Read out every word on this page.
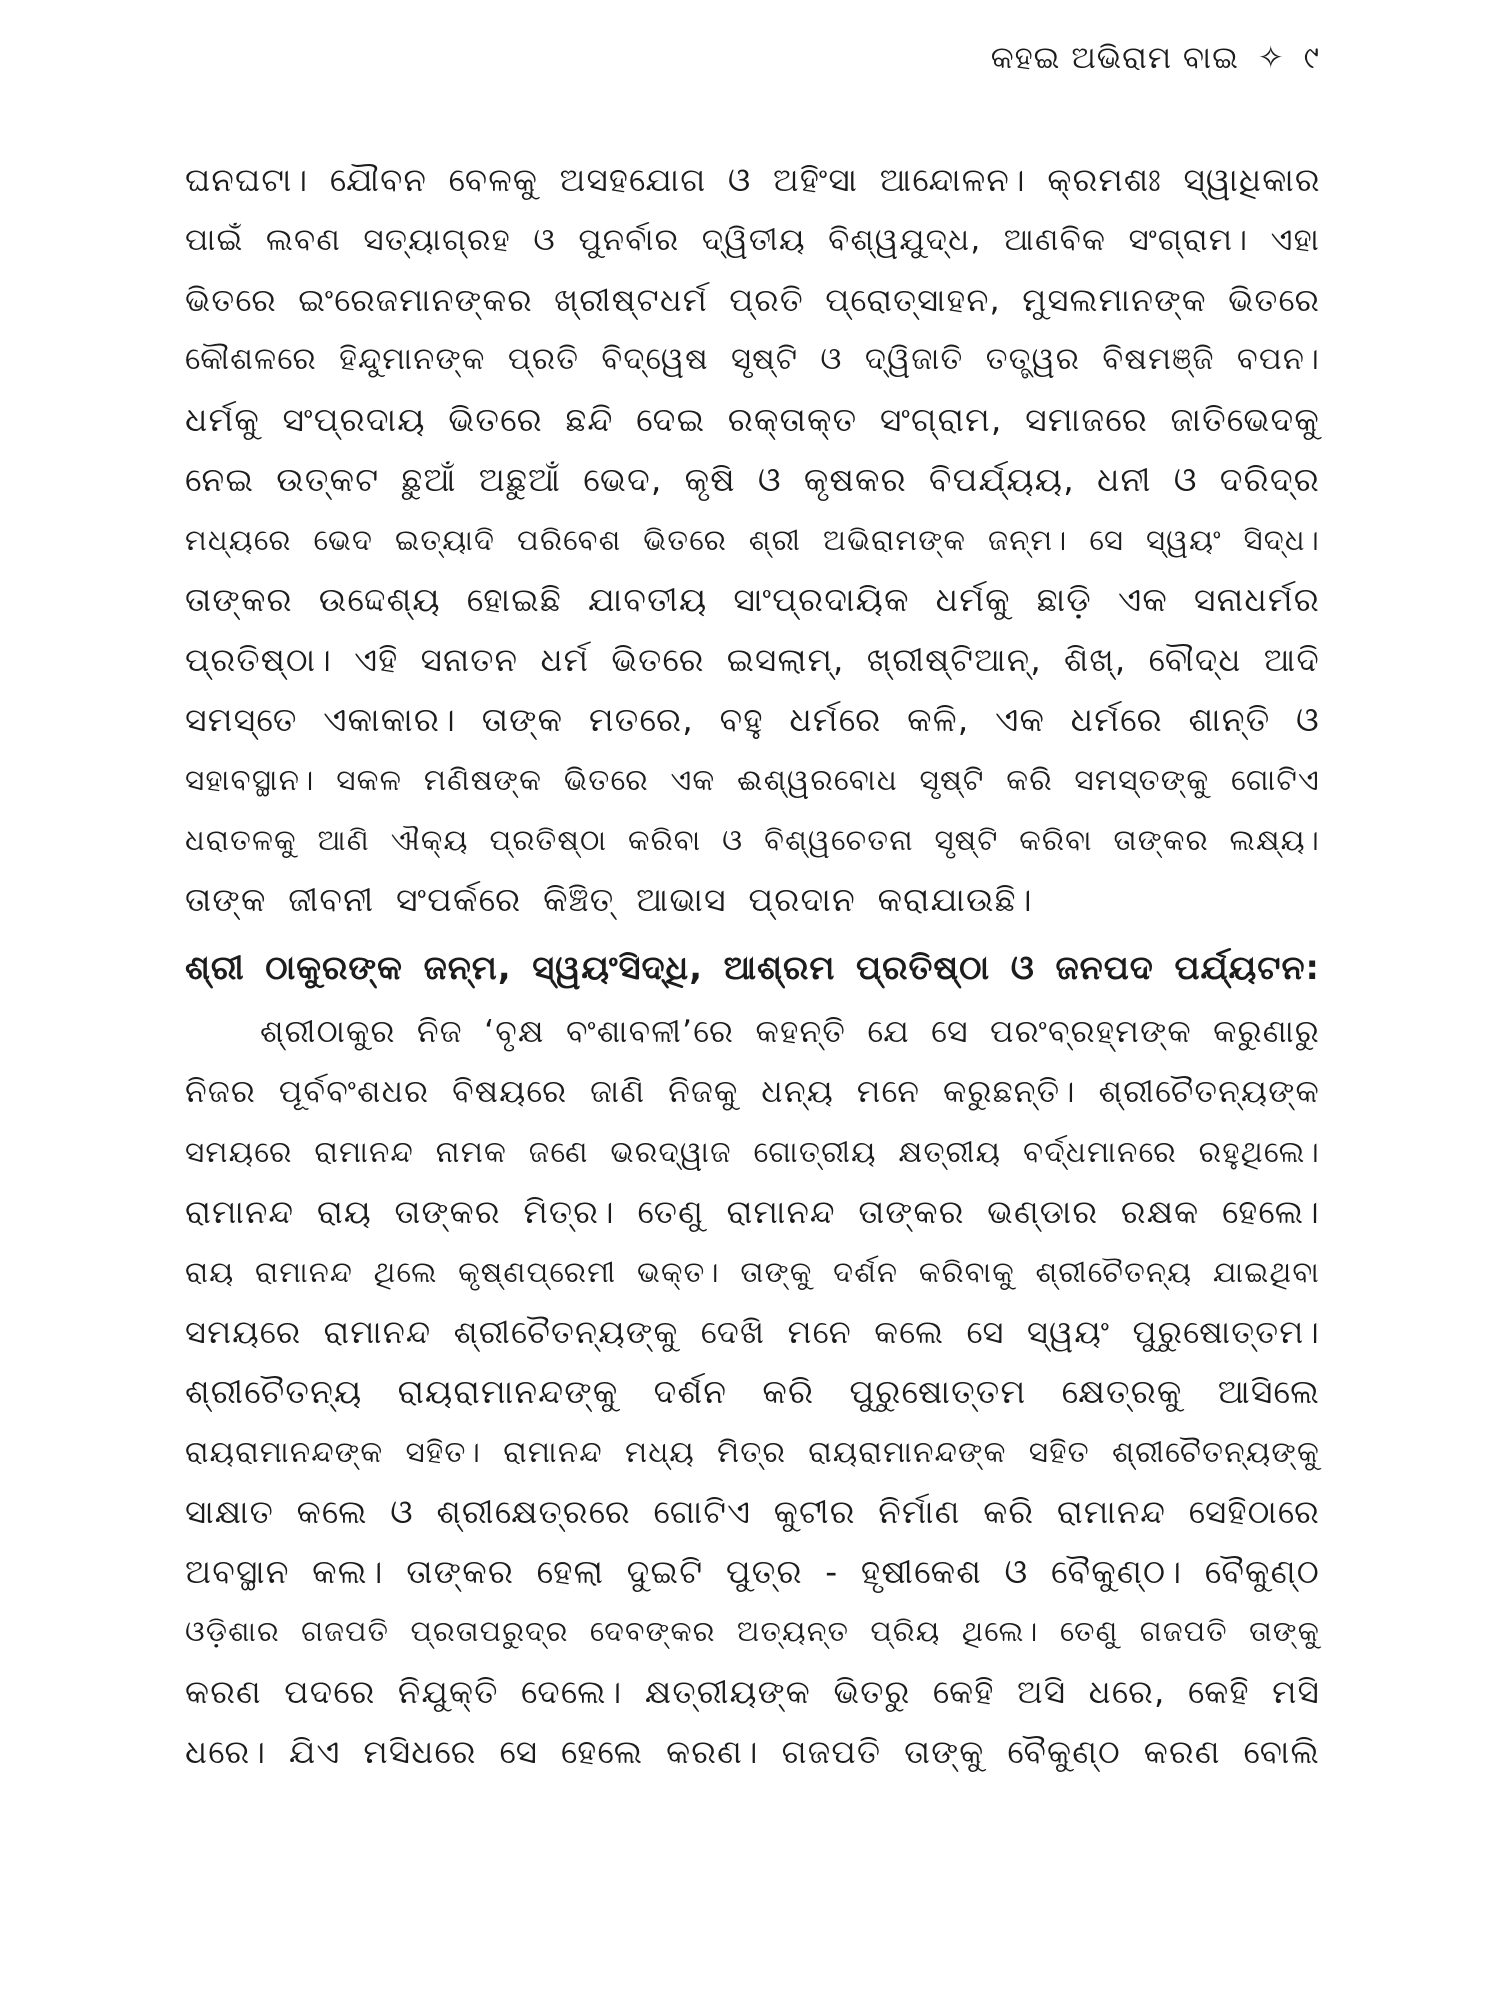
କହଇ ଅଭିରାମ ବାଇ ✧ ୯
ଘନଘଟା। ଯୌବନ ବେଳକୁ ଅସହଯୋଗ ଓ ଅହିଂସା ଆନ୍ଦୋଳନ। କ୍ରମଶଃ ସ୍ୱାଧିକାର
ପାଇଁ ଲବଣ ସତ୍ୟାଗ୍ରହ ଓ ପୁନର୍ବାର ଦ୍ୱିତୀୟ ବିଶ୍ୱଯୁଦ୍ଧ, ଆଣବିକ ସଂଗ୍ରାମ। ଏହା
ଭିତରେ ଇଂରେଜମାନଙ୍କର ଖ୍ରୀଷ୍ଟଧର୍ମ ପ୍ରତି ପ୍ରୋତ୍ସାହନ, ମୁସଲମାନଙ୍କ ଭିତରେ
କୌଶଳରେ ହିନ୍ଦୁମାନଙ୍କ ପ୍ରତି ବିଦ୍ୱେଷ ସୃଷ୍ଟି ଓ ଦ୍ୱିଜାତି ତତ୍ତ୍ୱର ବିଷମଞ୍ଜି ବପନ।
ଧର୍ମକୁ ସଂପ୍ରଦାୟ ଭିତରେ ଛନ୍ଦି ଦେଇ ରକ୍ତାକ୍ତ ସଂଗ୍ରାମ, ସମାଜରେ ଜାତିଭେଦକୁ
ନେଇ ଉତ୍କଟ ଛୁଆଁ ଅଛୁଆଁ ଭେଦ, କୃଷି ଓ କୃଷକର ବିପର୍ଯ୍ୟୟ, ଧନୀ ଓ ଦରିଦ୍ର
ମଧ୍ୟରେ ଭେଦ ଇତ୍ୟାଦି ପରିବେଶ ଭିତରେ ଶ୍ରୀ ଅଭିରାମଙ୍କ ଜନ୍ମ। ସେ ସ୍ୱୟଂ ସିଦ୍ଧ।
ତାଙ୍କର ଉଦ୍ଦେଶ୍ୟ ହୋଇଛି ଯାବତୀୟ ସାଂପ୍ରଦାୟିକ ଧର୍ମକୁ ଛାଡ଼ି ଏକ ସନାଧର୍ମର
ପ୍ରତିଷ୍ଠା। ଏହି ସନାତନ ଧର୍ମ ଭିତରେ ଇସଲାମ୍, ଖ୍ରୀଷ୍ଟିଆନ୍, ଶିଖ୍, ବୌଦ୍ଧ ଆଦି
ସମସ୍ତେ ଏକାକାର। ତାଙ୍କ ମତରେ, ବହୁ ଧର୍ମରେ କଳି, ଏକ ଧର୍ମରେ ଶାନ୍ତି ଓ
ସହାବସ୍ଥାନ। ସକଳ ମଣିଷଙ୍କ ଭିତରେ ଏକ ଈଶ୍ୱରବୋଧ ସୃଷ୍ଟି କରି ସମସ୍ତଙ୍କୁ ଗୋଟିଏ
ଧରାତଳକୁ ଆଣି ଐକ୍ୟ ପ୍ରତିଷ୍ଠା କରିବା ଓ ବିଶ୍ୱଚେତନା ସୃଷ୍ଟି କରିବା ତାଙ୍କର ଲକ୍ଷ୍ୟ।
ତାଙ୍କ ଜୀବନୀ ସଂପର୍କରେ କିଞ୍ଚିତ୍ ଆଭାସ ପ୍ରଦାନ କରାଯାଉଛି।
ଶ୍ରୀ ଠାକୁରଙ୍କ ଜନ୍ମ, ସ୍ୱୟଂସିଦ୍ଧି, ଆଶ୍ରମ ପ୍ରତିଷ୍ଠା ଓ ଜନପଦ ପର୍ଯ୍ୟଟନ:
ଶ୍ରୀଠାକୁର ନିଜ ‘ବୃକ୍ଷ ବଂଶାବଳୀ’ରେ କହନ୍ତି ଯେ ସେ ପରଂବ୍ରହ୍ମଙ୍କ କରୁଣାରୁ
ନିଜର ପୂର୍ବବଂଶଧର ବିଷୟରେ ଜାଣି ନିଜକୁ ଧନ୍ୟ ମନେ କରୁଛନ୍ତି। ଶ୍ରୀଚୈତନ୍ୟଙ୍କ
ସମୟରେ ରାମାନନ୍ଦ ନାମକ ଜଣେ ଭରଦ୍ୱାଜ ଗୋତ୍ରୀୟ କ୍ଷତ୍ରୀୟ ବର୍ଦ୍ଧମାନରେ ରହୁଥିଲେ।
ରାମାନନ୍ଦ ରାୟ ତାଙ୍କର ମିତ୍ର। ତେଣୁ ରାମାନନ୍ଦ ତାଙ୍କର ଭଣ୍ଡାର ରକ୍ଷକ ହେଲେ।
ରାୟ ରାମାନନ୍ଦ ଥିଲେ କୃଷ୍ଣପ୍ରେମୀ ଭକ୍ତ। ତାଙ୍କୁ ଦର୍ଶନ କରିବାକୁ ଶ୍ରୀଚୈତନ୍ୟ ଯାଇଥିବା
ସମୟରେ ରାମାନନ୍ଦ ଶ୍ରୀଚୈତନ୍ୟଙ୍କୁ ଦେଖି ମନେ କଲେ ସେ ସ୍ୱୟଂ ପୁରୁଷୋତ୍ତମ।
ଶ୍ରୀଚୈତନ୍ୟ ରାୟରାମାନନ୍ଦଙ୍କୁ ଦର୍ଶନ କରି ପୁରୁଷୋତ୍ତମ କ୍ଷେତ୍ରକୁ ଆସିଲେ
ରାୟରାମାନନ୍ଦଙ୍କ ସହିତ। ରାମାନନ୍ଦ ମଧ୍ୟ ମିତ୍ର ରାୟରାମାନନ୍ଦଙ୍କ ସହିତ ଶ୍ରୀଚୈତନ୍ୟଙ୍କୁ
ସାକ୍ଷାତ କଲେ ଓ ଶ୍ରୀକ୍ଷେତ୍ରରେ ଗୋଟିଏ କୁଟୀର ନିର୍ମାଣ କରି ରାମାନନ୍ଦ ସେହିଠାରେ
ଅବସ୍ଥାନ କଲ। ତାଙ୍କର ହେଲା ଦୁଇଟି ପୁତ୍ର - ହୃଷୀକେଶ ଓ ବୈକୁଣ୍ଠ। ବୈକୁଣ୍ଠ
ଓଡ଼ିଶାର ଗଜପତି ପ୍ରତାପରୁଦ୍ର ଦେବଙ୍କର ଅତ୍ୟନ୍ତ ପ୍ରିୟ ଥିଲେ। ତେଣୁ ଗଜପତି ତାଙ୍କୁ
କରଣ ପଦରେ ନିଯୁକ୍ତି ଦେଲେ। କ୍ଷତ୍ରୀୟଙ୍କ ଭିତରୁ କେହି ଅସି ଧରେ, କେହି ମସି
ଧରେ। ଯିଏ ମସିଧରେ ସେ ହେଲେ କରଣ। ଗଜପତି ତାଙ୍କୁ ବୈକୁଣ୍ଠ କରଣ ବୋଲି
